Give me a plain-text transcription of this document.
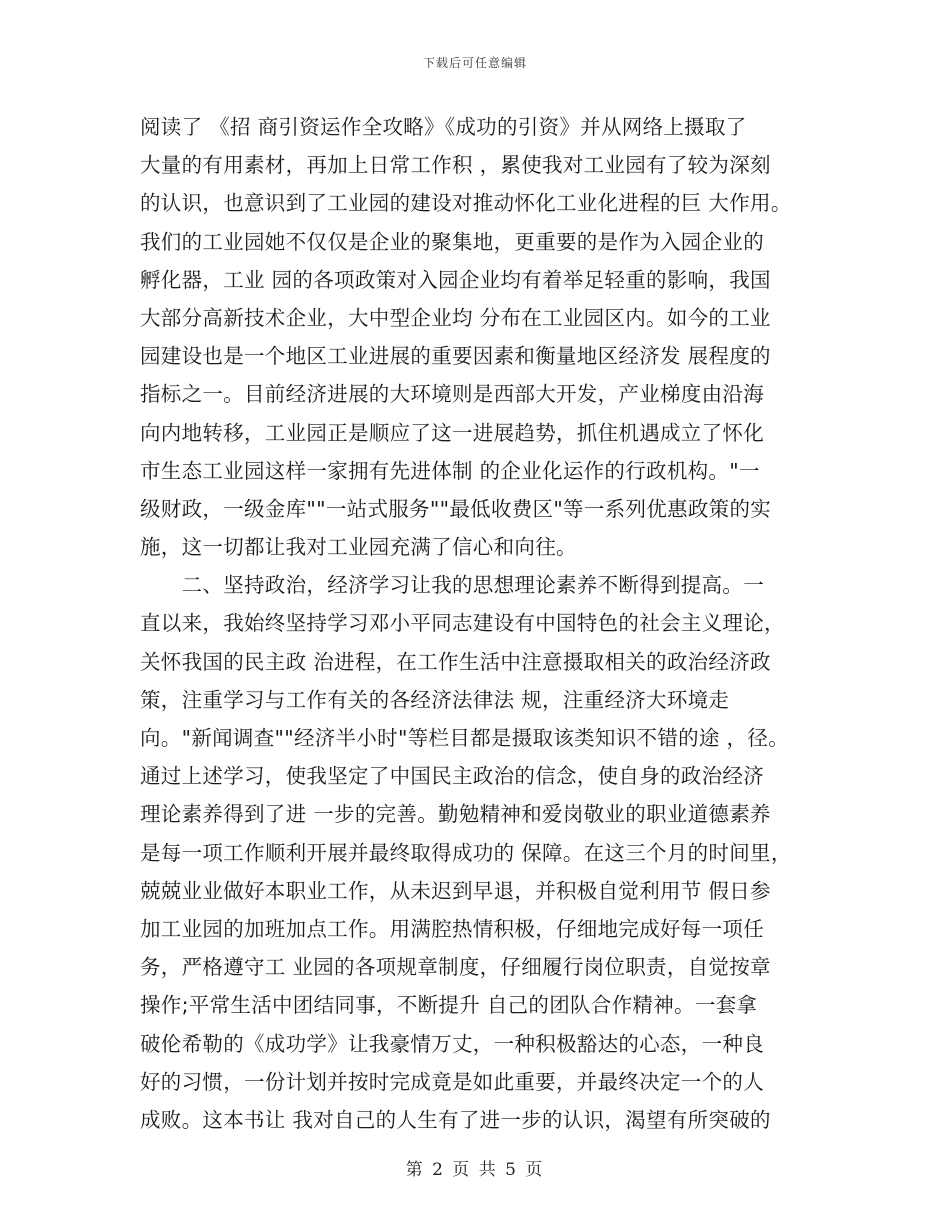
下载后可任意编辑
阅读了 《招 商引资运作全攻略》《成功的引资》并从网络上摄取了
大量的有用素材，再加上日常工作积 ，累使我对工业园有了较为深刻
的认识，也意识到了工业园的建设对推动怀化工业化进程的巨 大作用。
我们的工业园她不仅仅是企业的聚集地，更重要的是作为入园企业的
孵化器，工业 园的各项政策对入园企业均有着举足轻重的影响，我国
大部分高新技术企业，大中型企业均 分布在工业园区内。如今的工业
园建设也是一个地区工业进展的重要因素和衡量地区经济发 展程度的
指标之一。目前经济进展的大环境则是西部大开发，产业梯度由沿海
向内地转移，工业园正是顺应了这一进展趋势，抓住机遇成立了怀化
市生态工业园这样一家拥有先进体制 的企业化运作的行政机构。"一
级财政，一级金库""一站式服务""最低收费区"等一系列优惠政策的实
施，这一切都让我对工业园充满了信心和向往。
　　二、坚持政治，经济学习让我的思想理论素养不断得到提高。一
直以来，我始终坚持学习邓小平同志建设有中国特色的社会主义理论，
关怀我国的民主政 治进程，在工作生活中注意摄取相关的政治经济政
策，注重学习与工作有关的各经济法律法 规，注重经济大环境走
向。"新闻调查""经济半小时"等栏目都是摄取该类知识不错的途 ，径。
通过上述学习，使我坚定了中国民主政治的信念，使自身的政治经济
理论素养得到了进 一步的完善。勤勉精神和爱岗敬业的职业道德素养
是每一项工作顺利开展并最终取得成功的 保障。在这三个月的时间里，
兢兢业业做好本职业工作，从未迟到早退，并积极自觉利用节 假日参
加工业园的加班加点工作。用满腔热情积极，仔细地完成好每一项任
务，严格遵守工 业园的各项规章制度，仔细履行岗位职责，自觉按章
操作;平常生活中团结同事，不断提升 自己的团队合作精神。一套拿
破伦希勒的《成功学》让我豪情万丈，一种积极豁达的心态，一种良
好的习惯，一份计划并按时完成竟是如此重要，并最终决定一个的人
成败。这本书让 我对自己的人生有了进一步的认识，渴望有所突破的
第 2 页 共 5 页
